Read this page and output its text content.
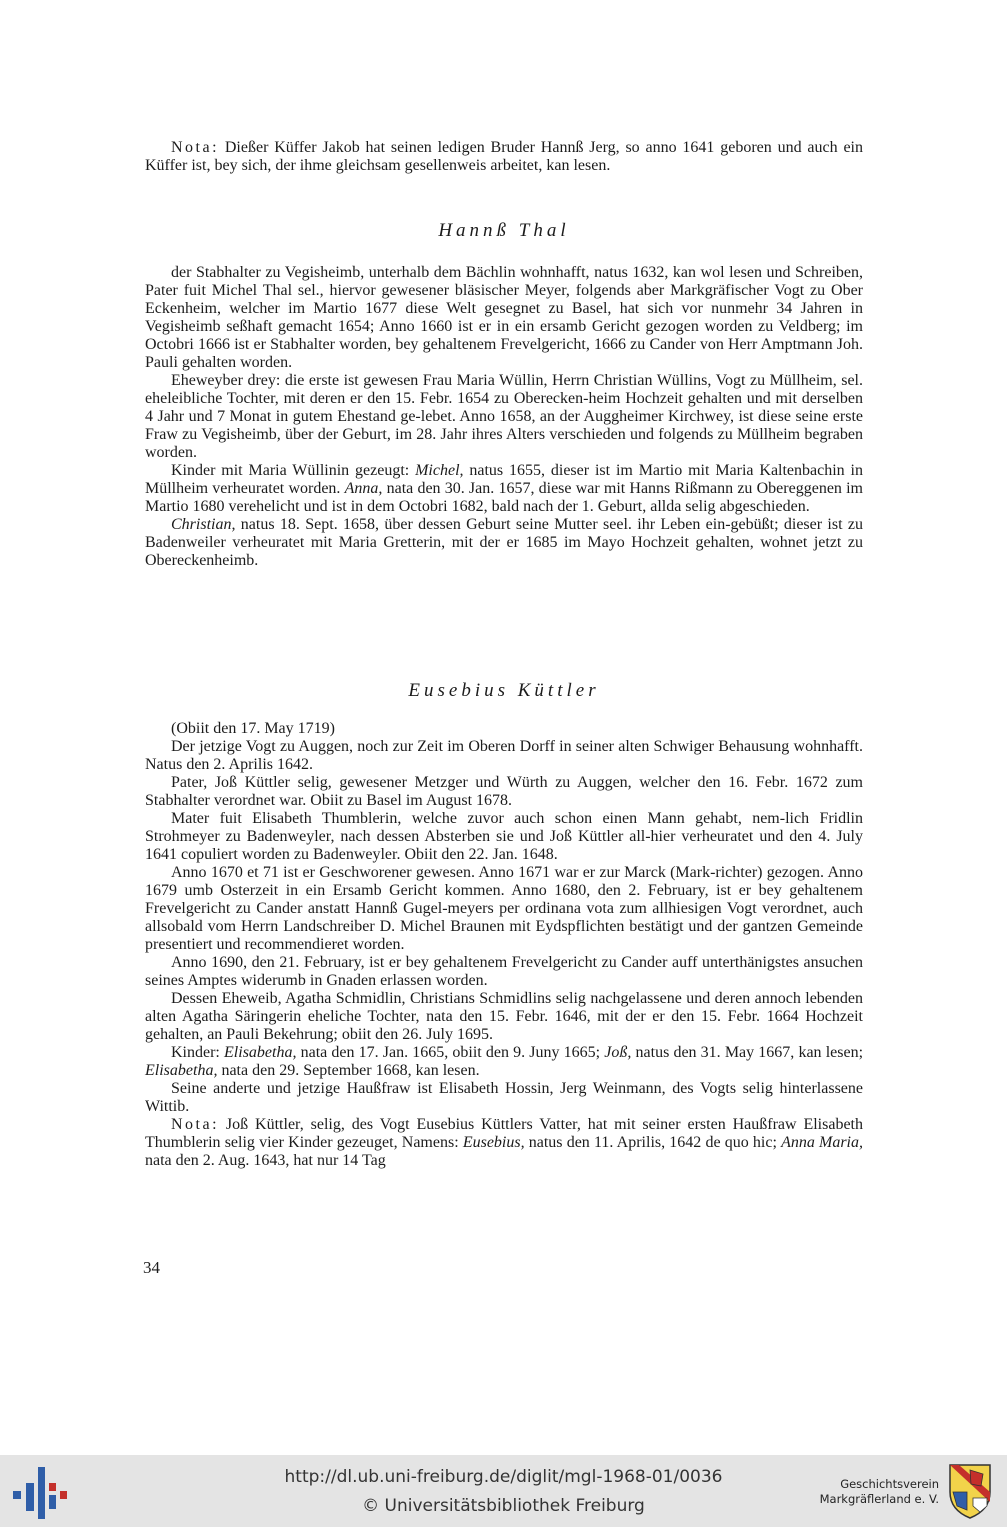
Nota: Dießer Küffer Jakob hat seinen ledigen Bruder Hannß Jerg, so anno 1641 geboren und auch ein Küffer ist, bey sich, der ihme gleichsam gesellenweis arbeitet, kan lesen.

Hannß Thal

der Stabhalter zu Vegisheimb, unterhalb dem Bächlin wohnhafft, natus 1632, kan wol lesen und Schreiben, Pater fuit Michel Thal sel., hiervor gewesener bläsischer Meyer, folgends aber Markgräfischer Vogt zu Ober Eckenheim, welcher im Martio 1677 diese Welt gesegnet zu Basel, hat sich vor nunmehr 34 Jahren in Vegisheimb seßhaft gemacht 1654; Anno 1660 ist er in ein ersamb Gericht gezogen worden zu Veldberg; im Octobri 1666 ist er Stabhalter worden, bey gehaltenem Frevelgericht, 1666 zu Cander von Herr Amptmann Joh. Pauli gehalten worden.

Eheweyber drey: die erste ist gewesen Frau Maria Wüllin, Herrn Christian Wüllins, Vogt zu Müllheim, sel. eheleibliche Tochter, mit deren er den 15. Febr. 1654 zu Oberecken-heim Hochzeit gehalten und mit derselben 4 Jahr und 7 Monat in gutem Ehestand ge-lebet. Anno 1658, an der Auggheimer Kirchwey, ist diese seine erste Fraw zu Vegisheimb, über der Geburt, im 28. Jahr ihres Alters verschieden und folgends zu Müllheim begraben worden.

Kinder mit Maria Wüllinin gezeugt: Michel, natus 1655, dieser ist im Martio mit Maria Kaltenbachin in Müllheim verheuratet worden. Anna, nata den 30. Jan. 1657, diese war mit Hanns Rißmann zu Obereggenen im Martio 1680 verehelicht und ist in dem Octobri 1682, bald nach der 1. Geburt, allda selig abgeschieden.

Christian, natus 18. Sept. 1658, über dessen Geburt seine Mutter seel. ihr Leben ein-gebüßt; dieser ist zu Badenweiler verheuratet mit Maria Gretterin, mit der er 1685 im Mayo Hochzeit gehalten, wohnet jetzt zu Obereckenheimb.

Eusebius Küttler

(Obiit den 17. May 1719)

Der jetzige Vogt zu Auggen, noch zur Zeit im Oberen Dorff in seiner alten Schwiger Behausung wohnhafft. Natus den 2. Aprilis 1642.

Pater, Joß Küttler selig, gewesener Metzger und Würth zu Auggen, welcher den 16. Febr. 1672 zum Stabhalter verordnet war. Obiit zu Basel im August 1678.

Mater fuit Elisabeth Thumblerin, welche zuvor auch schon einen Mann gehabt, nem-lich Fridlin Strohmeyer zu Badenweyler, nach dessen Absterben sie und Joß Küttler all-hier verheuratet und den 4. July 1641 copuliert worden zu Badenweyler. Obiit den 22. Jan. 1648.

Anno 1670 et 71 ist er Geschworener gewesen. Anno 1671 war er zur Marck (Mark-richter) gezogen. Anno 1679 umb Osterzeit in ein Ersamb Gericht kommen. Anno 1680, den 2. February, ist er bey gehaltenem Frevelgericht zu Cander anstatt Hannß Gugel-meyers per ordinana vota zum allhiesigen Vogt verordnet, auch allsobald vom Herrn Landschreiber D. Michel Braunen mit Eydspflichten bestätigt und der gantzen Gemeinde presentiert und recommendieret worden.

Anno 1690, den 21. February, ist er bey gehaltenem Frevelgericht zu Cander auff unterthänigstes ansuchen seines Amptes widerumb in Gnaden erlassen worden.

Dessen Eheweib, Agatha Schmidlin, Christians Schmidlins selig nachgelassene und deren annoch lebenden alten Agatha Säringerin eheliche Tochter, nata den 15. Febr. 1646, mit der er den 15. Febr. 1664 Hochzeit gehalten, an Pauli Bekehrung; obiit den 26. July 1695.

Kinder: Elisabetha, nata den 17. Jan. 1665, obiit den 9. Juny 1665; Joß, natus den 31. May 1667, kan lesen; Elisabetha, nata den 29. September 1668, kan lesen.

Seine anderte und jetzige Haußfraw ist Elisabeth Hossin, Jerg Weinmann, des Vogts selig hinterlassene Wittib.

Nota: Joß Küttler, selig, des Vogt Eusebius Küttlers Vatter, hat mit seiner ersten Haußfraw Elisabeth Thumblerin selig vier Kinder gezeuget, Namens: Eusebius, natus den 11. Aprilis, 1642 de quo hic; Anna Maria, nata den 2. Aug. 1643, hat nur 14 Tag

34
http://dl.ub.uni-freiburg.de/diglit/mgl-1968-01/0036
© Universitätsbibliothek Freiburg
Geschichtsverein
Markgräflerland e. V.
